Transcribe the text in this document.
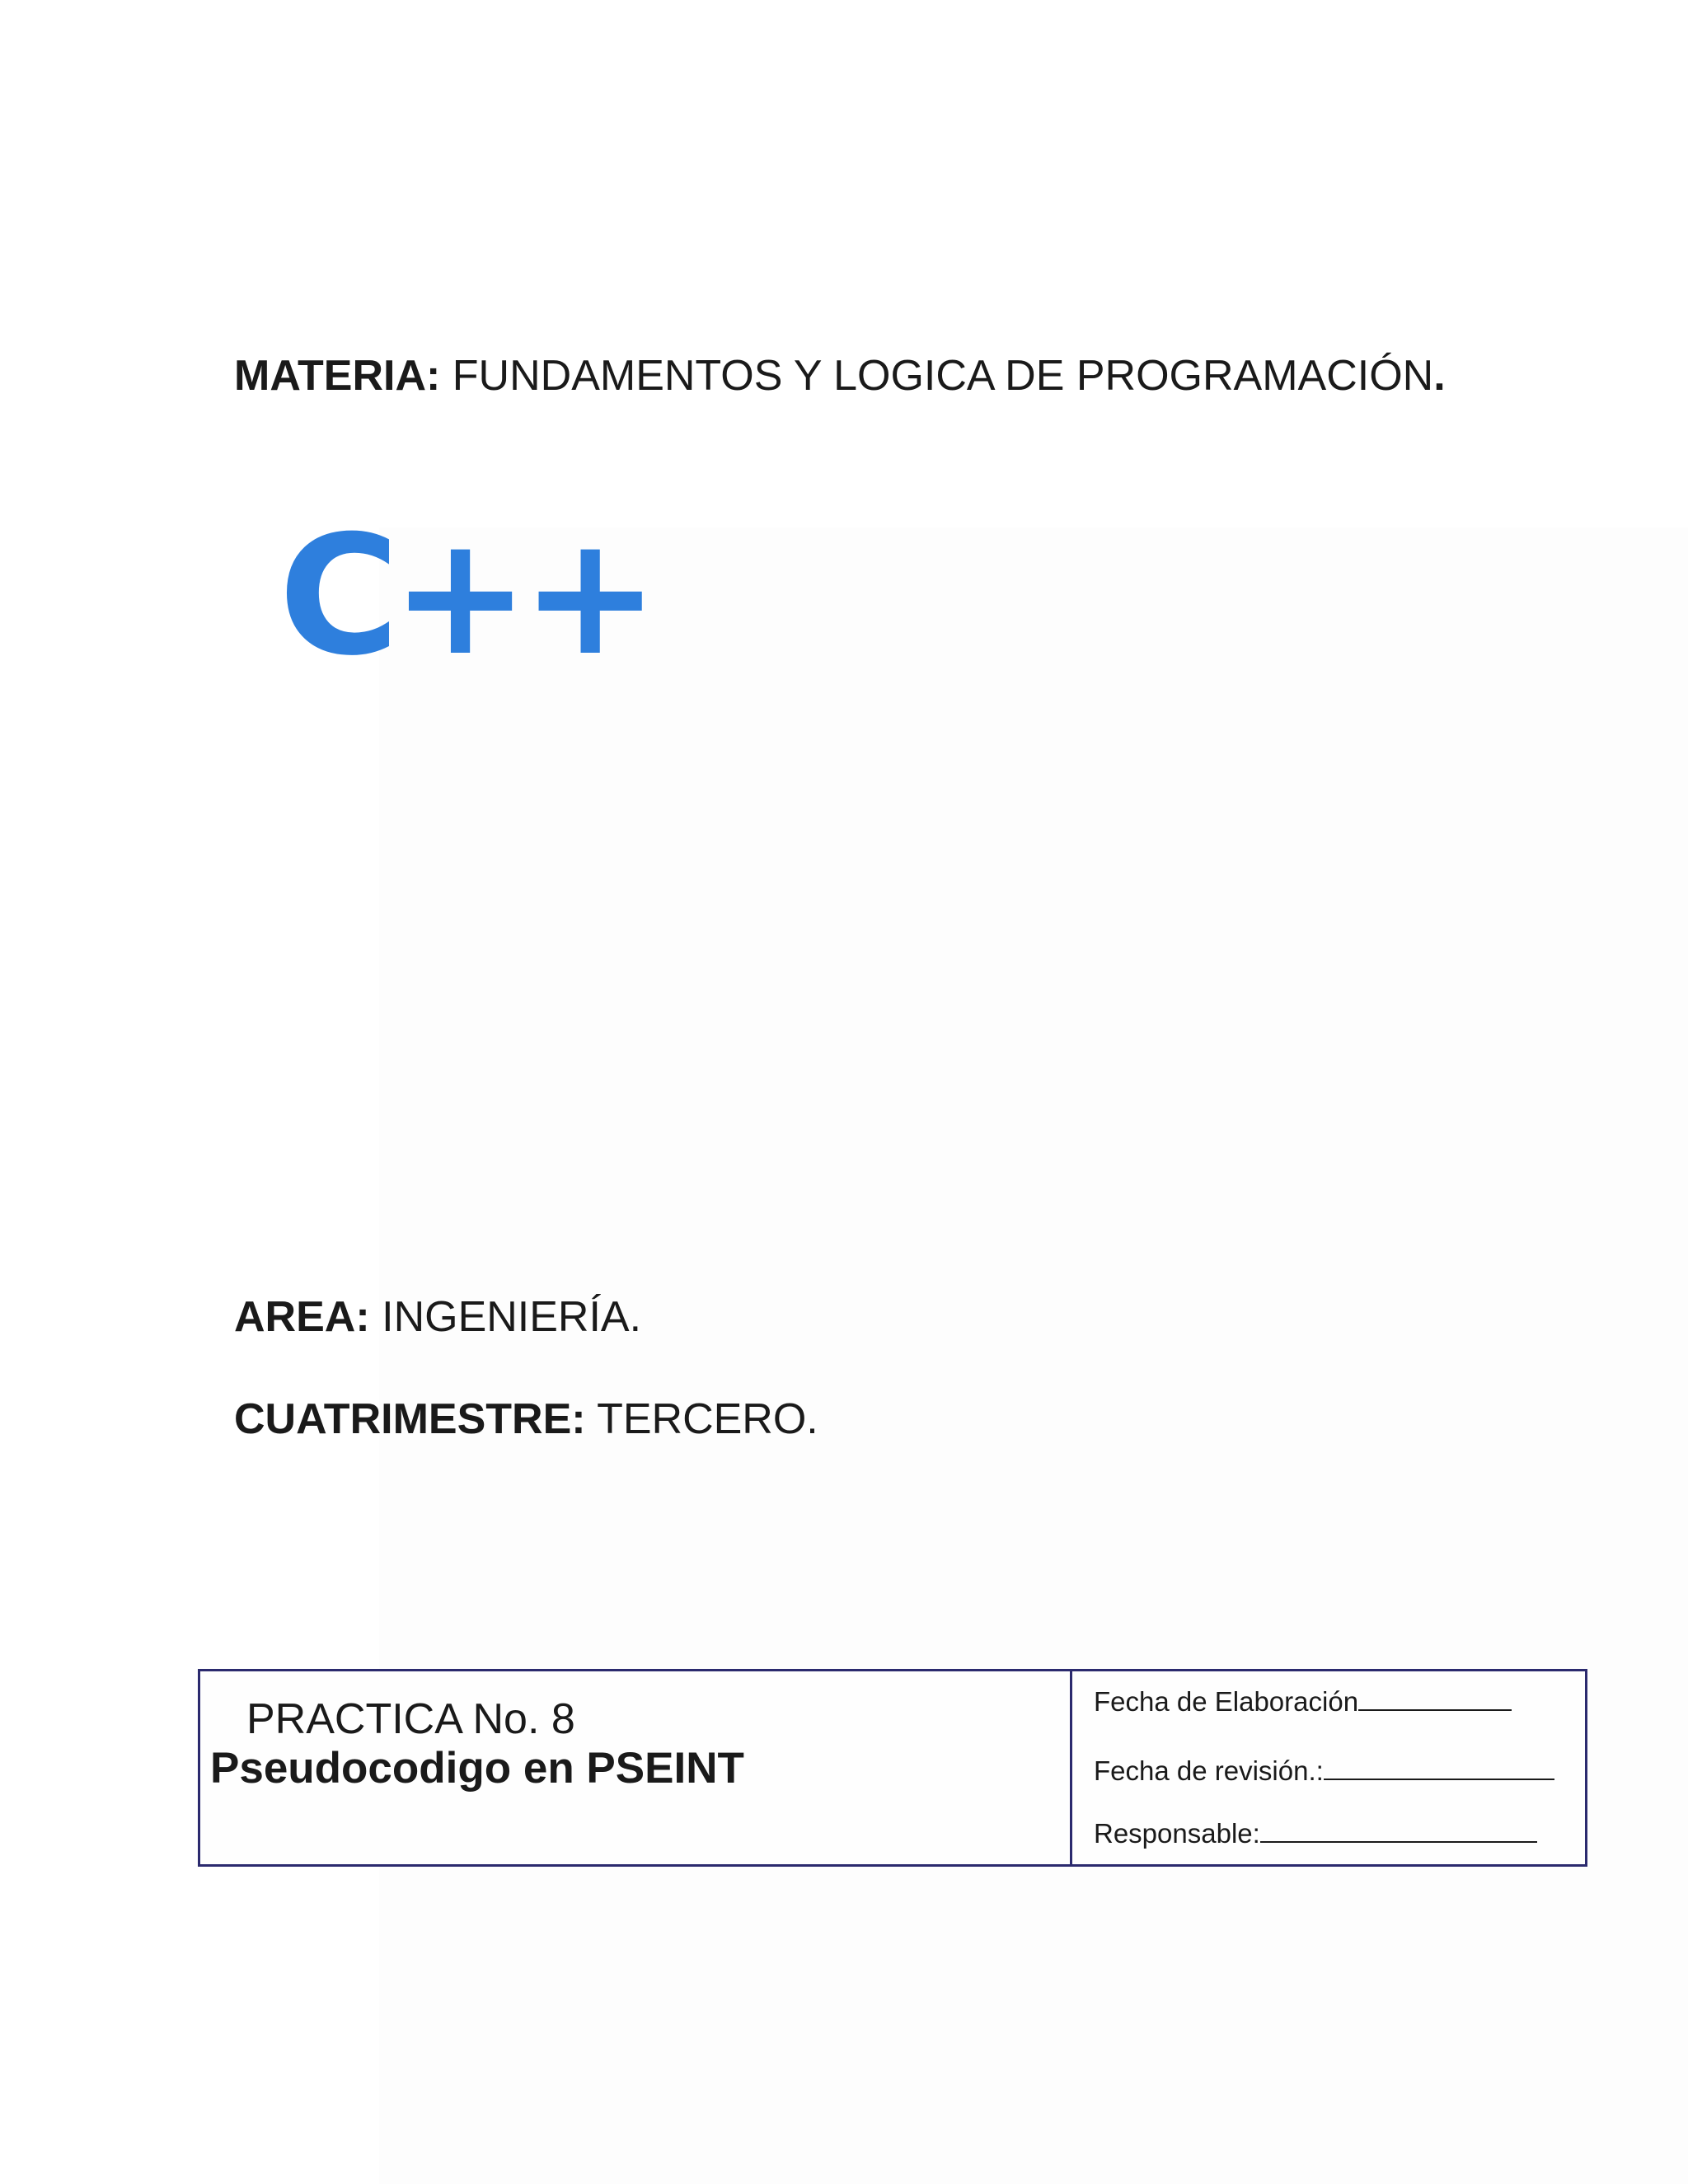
MATERIA: FUNDAMENTOS Y LOGICA DE PROGRAMACIÓN.
C++
AREA: INGENIERÍA.
CUATRIMESTRE: TERCERO.
PRACTICA No. 8
Pseudocodigo en PSEINT
Fecha de Elaboración
Fecha de revisión.:
Responsable:
